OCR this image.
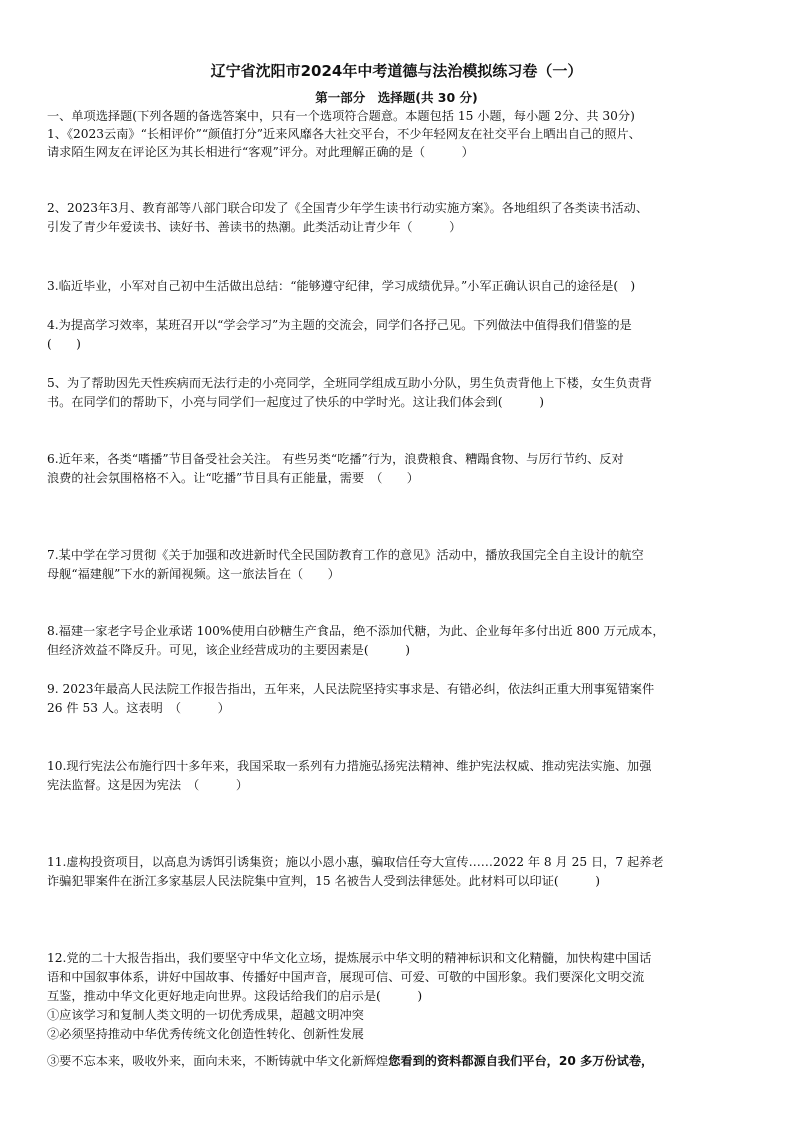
辽宁省沈阳市2024年中考道德与法治模拟练习卷（一）
第一部分　选择题(共 30 分)
一、单项选择题(下列各题的备选答案中，只有一个选项符合题意。本题包括 15 小题，每小题 2分、共 30分)
1、《2023云南》“长相评价”“颜值打分”近来风靡各大社交平台，不少年轻网友在社交平台上晒出自己的照片、
请求陌生网友在评论区为其长相进行“客观”评分。对此理解正确的是（　　　）
2、2023年3月、教育部等八部门联合印发了《全国青少年学生读书行动实施方案》。各地组织了各类读书活动、
引发了青少年爱读书、读好书、善读书的热潮。此类活动让青少年（　　　）
3.临近毕业，小军对自己初中生活做出总结：“能够遵守纪律，学习成绩优异。”小军正确认识自己的途径是(　)
4.为提高学习效率，某班召开以“学会学习”为主题的交流会，同学们各抒己见。下列做法中值得我们借鉴的是
(　　)
5、为了帮助因先天性疾病而无法行走的小亮同学，全班同学组成互助小分队，男生负责背他上下楼，女生负责背
书。在同学们的帮助下，小亮与同学们一起度过了快乐的中学时光。这让我们体会到(　　　)
6.近年来，各类“嗜播”节目备受社会关注。 有些另类“吃播”行为，浪费粮食、糟蹋食物、与厉行节约、反对
浪费的社会氛围格格不入。让“吃播”节目具有正能量，需要　（　　）
7.某中学在学习贯彻《关于加强和改进新时代全民国防教育工作的意见》活动中，播放我国完全自主设计的航空
母舰“福建舰”下水的新闻视频。这一旅法旨在（　　）
8.福建一家老字号企业承诺 100%使用白砂糖生产食品，绝不添加代糖，为此、企业每年多付出近 800 万元成本，
但经济效益不降反升。可见，该企业经营成功的主要因素是(　　　)
9. 2023年最高人民法院工作报告指出，五年来，人民法院坚持实事求是、有错必纠，依法纠正重大刑事冤错案件
26 件 53 人。这表明　（　　　）
10.现行宪法公布施行四十多年来，我国采取一系列有力措施弘扬宪法精神、维护宪法权威、推动宪法实施、加强
宪法监督。这是因为宪法　（　　　）
11.虚构投资项目，以高息为诱饵引诱集资；施以小恩小惠，骗取信任夸大宣传……2022 年 8 月 25 日，7 起养老
诈骗犯罪案件在浙江多家基层人民法院集中宣判，15 名被告人受到法律惩处。此材料可以印证(　　　)
12.党的二十大报告指出，我们要坚守中华文化立场，提炼展示中华文明的精神标识和文化精髓，加快构建中国话
语和中国叙事体系，讲好中国故事、传播好中国声音，展现可信、可爱、可敬的中国形象。我们要深化文明交流
互鉴，推动中华文化更好地走向世界。这段话给我们的启示是(　　　)
①应该学习和复制人类文明的一切优秀成果，超越文明冲突
②必须坚持推动中华优秀传统文化创造性转化、创新性发展
③要不忘本来，吸收外来，面向未来，不断铸就中华文化新辉煌您看到的资料都源自我们平台，20 多万份试卷，
